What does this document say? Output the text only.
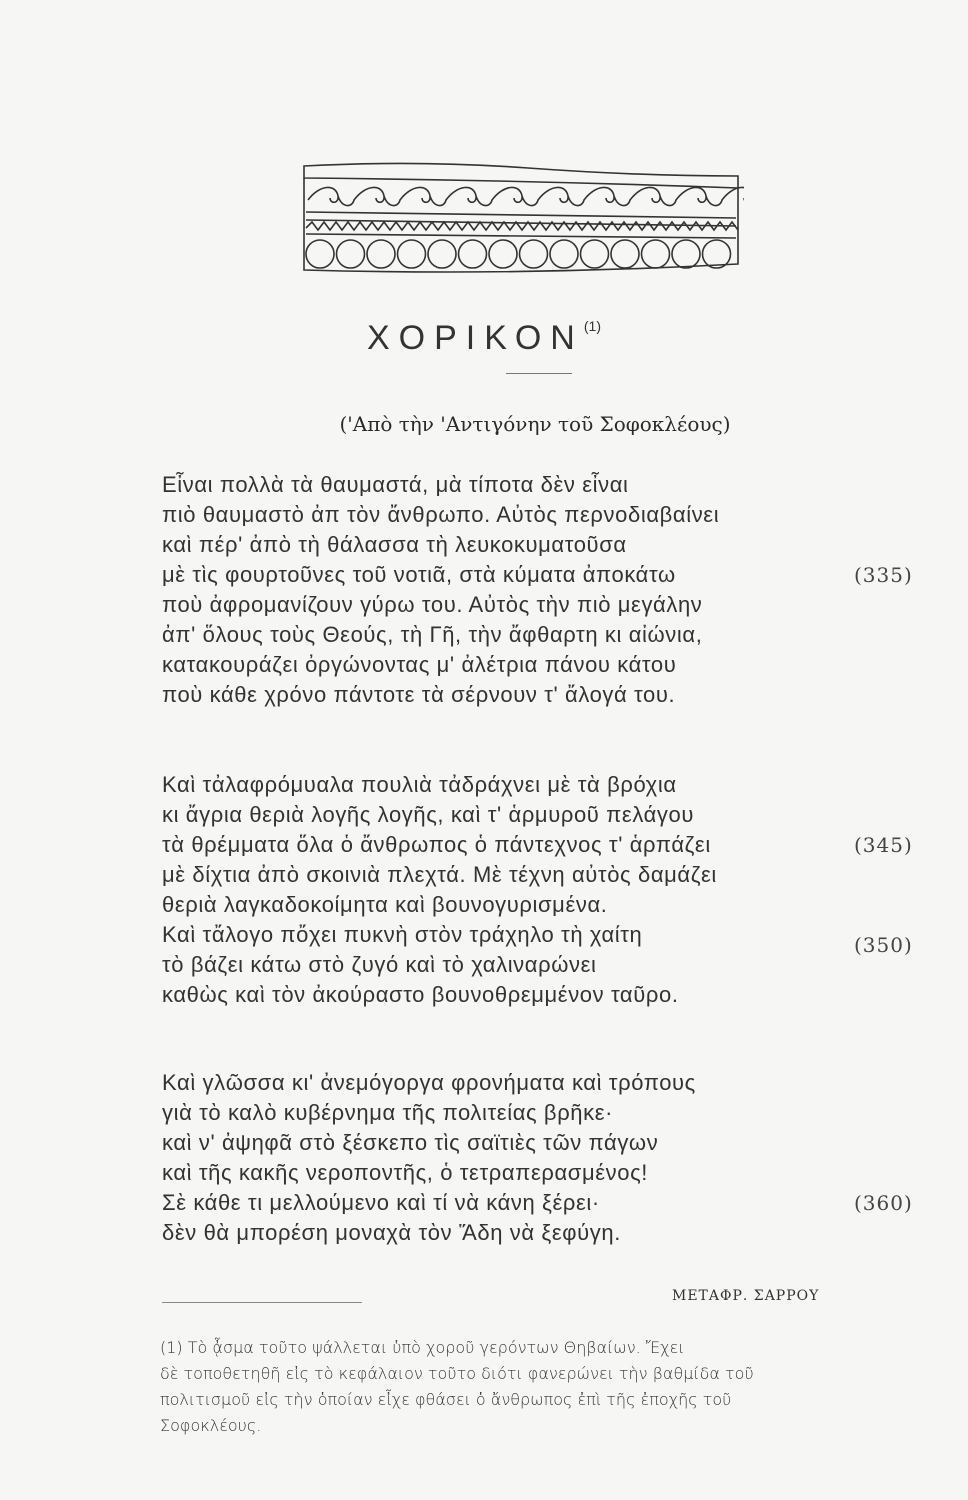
ΧΟΡΙΚΟΝ$^{(1)}$
('Aπὸ τὴν 'Aντιγόνην τοῦ Σοφοκλέους)
Εἶναι πολλὰ τὰ θαυμαστά, μὰ τίποτα δὲν εἶναι
πιὸ θαυμαστὸ ἀπ τὸν ἄνθρωπο. Αὐτὸς περνοδιαβαίνει
καὶ πέρ' ἀπὸ τὴ θάλασσα τὴ λευκοκυματοῦσα
μὲ τὶς φουρτοῦνες τοῦ νοτιᾶ, στὰ κύματα ἀποκάτω	(335)
ποὺ ἀφρομανίζουν γύρω του. Αὐτὸς τὴν πιὸ μεγάλην
ἀπ' ὅλους τοὺς Θεούς, τὴ Γῆ, τὴν ἄφθαρτη κι αἰώνια,
κατακουράζει ὀργώνοντας μ' ἀλέτρια πάνου κάτου
ποὺ κάθε χρόνο πάντοτε τὰ σέρνουν τ' ἄλογά του.
Καὶ τἀλαφρόμυαλα πουλιὰ τἀδράχνει μὲ τὰ βρόχια
κι ἄγρια θεριὰ λογῆς λογῆς, καὶ τ' ἁρμυροῦ πελάγου
τὰ θρέμματα ὅλα ὁ ἄνθρωπος ὁ πάντεχνος τ' ἁρπάζει	(345)
μὲ δίχτια ἀπὸ σκοινιὰ πλεχτά. Μὲ τέχνη αὐτὸς δαμάζει
θεριὰ λαγκαδοκοίμητα καὶ βουνογυρισμένα.
Καὶ τἄλογο πὄχει πυκνὴ στὸν τράχηλο τὴ χαίτη	(350)
τὸ βάζει κάτω στὸ ζυγό καὶ τὸ χαλιναρώνει
καθὼς καὶ τὸν ἀκούραστο βουνοθρεμμένον ταῦρο.
Καὶ γλῶσσα κι' ἀνεμόγοργα φρονήματα καὶ τρόπους
γιὰ τὸ καλὸ κυβέρνημα τῆς πολιτείας βρῆκε·
καὶ ν' ἀψηφᾶ στὸ ξέσκεπο τὶς σαϊτιὲς τῶν πάγων
καὶ τῆς κακῆς νεροποντῆς, ὁ τετραπερασμένος!
Σὲ κάθε τι μελλούμενο καὶ τί νὰ κάνη ξέρει·	(360)
δὲν θὰ μπορέση μοναχὰ τὸν Ἅδη νὰ ξεφύγη.
ΜΕΤΑΦΡ. ΣΑΡΡΟΥ
(1) Τὸ ᾆσμα τοῦτο ψάλλεται ὑπὸ χοροῦ γερόντων Θηβαίων. Ἔχει
δὲ τοποθετηθῆ εἰς τὸ κεφάλαιον τοῦτο διότι φανερώνει τὴν βαθμίδα τοῦ
πολιτισμοῦ εἰς τὴν ὁποίαν εἶχε φθάσει ὁ ἄνθρωπος ἐπὶ τῆς ἐποχῆς τοῦ
Σοφοκλέους.
